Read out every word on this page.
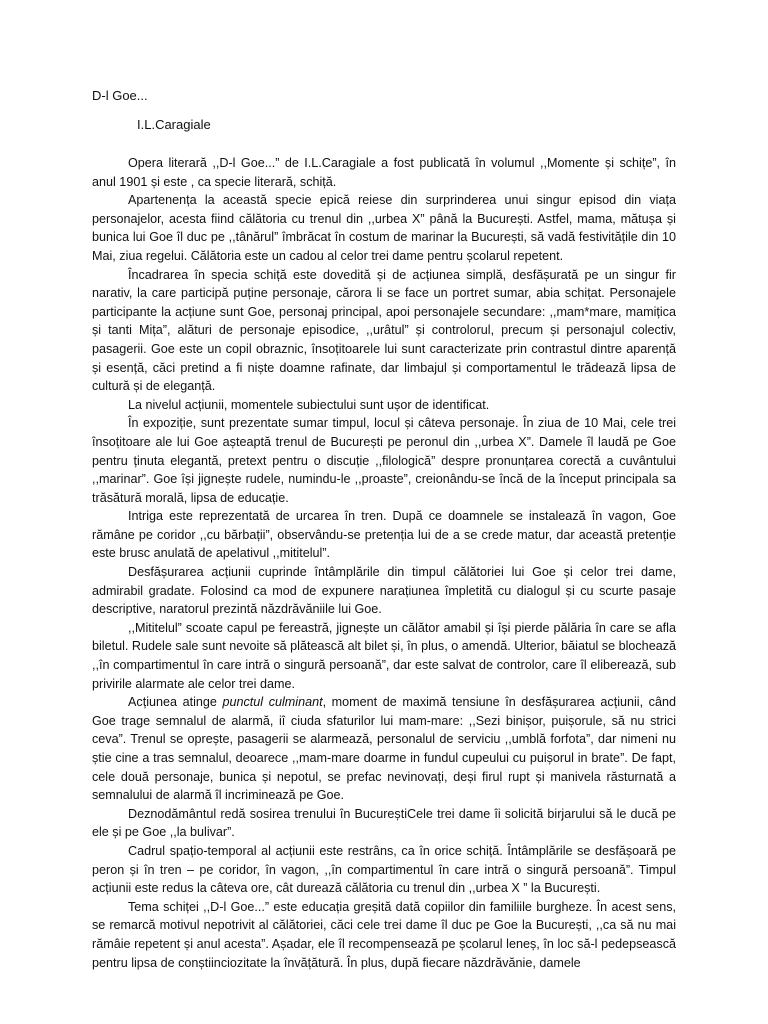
D-l Goe...
I.L.Caragiale

Opera literară ,,D-l Goe...” de I.L.Caragiale a fost publicată în volumul ,,Momente și schițe”, în anul 1901 și este , ca specie literară, schiță.

Apartenența la această specie epică reiese din surprinderea unui singur episod din viața personajelor, acesta fiind călătoria cu trenul din ,,urbea X” până la București. Astfel, mama, mătușa și bunica lui Goe îl duc pe ,,tânărul” îmbrăcat în costum de marinar la București, să vadă festivitățile din 10 Mai, ziua regelui. Călătoria este un cadou al celor trei dame pentru școlarul repetent.

Încadrarea în specia schiță este dovedită și de acțiunea simplă, desfășurată pe un singur fir narativ, la care participă puține personaje, cărora li se face un portret sumar, abia schițat. Personajele participante la acțiune sunt Goe, personaj principal, apoi personajele secundare: ,,mam*mare, mamițica și tanti Mița”, alături de personaje episodice, ,,urâtul” și controlorul, precum și personajul colectiv, pasagerii. Goe este un copil obraznic, însoțitoarele lui sunt caracterizate prin contrastul dintre aparență și esență, căci pretind a fi niște doamne rafinate, dar limbajul și comportamentul le trădează lipsa de cultură și de eleganță.

La nivelul acțiunii, momentele subiectului sunt ușor de identificat.

În expoziție, sunt prezentate sumar timpul, locul și câteva personaje. În ziua de 10 Mai, cele trei însoțitoare ale lui Goe așteaptă trenul de București pe peronul din ,,urbea X”. Damele îl laudă pe Goe pentru ținuta elegantă, pretext pentru o discuție ,,filologică” despre pronunțarea corectă a cuvântului ,,marinar”. Goe își jignește rudele, numindu-le ,,proaste”, creionându-se încă de la început principala sa trăsătură morală, lipsa de educație.

Intriga este reprezentată de urcarea în tren. După ce doamnele se instalează în vagon, Goe rămâne pe coridor ,,cu bărbații”, observându-se pretenția lui de a se crede matur, dar această pretenție este brusc anulată de apelativul ,,mititelul”.

Desfășurarea acțiunii cuprinde întâmplările din timpul călătoriei lui Goe și celor trei dame, admirabil gradate. Folosind ca mod de expunere narațiunea împletită cu dialogul și cu scurte pasaje descriptive, naratorul prezintă năzdrăvăniile lui Goe.

,,Mititelul” scoate capul pe fereastră, jignește un călător amabil și își pierde pălăria în care se afla biletul. Rudele sale sunt nevoite să plătească alt bilet și, în plus, o amendă. Ulterior, băiatul se blochează ,,în compartimentul în care intră o singură persoană”, dar este salvat de controlor, care îl eliberează, sub privirile alarmate ale celor trei dame.

Acțiunea atinge punctul culminant, moment de maximă tensiune în desfășurarea acțiunii, când Goe trage semnalul de alarmă, iî ciuda sfaturilor lui mam-mare: ,,Sezi binișor, puișorule, să nu strici ceva”. Trenul se oprește, pasagerii se alarmează, personalul de serviciu ,,umblă forfota”, dar nimeni nu știe cine a tras semnalul, deoarece ,,mam-mare doarme in fundul cupeului cu puișorul in brate”. De fapt, cele două personaje, bunica și nepotul, se prefac nevinovați, deși firul rupt și manivela răsturnată a semnalului de alarmă îl incriminează pe Goe.

Deznodământul redă sosirea trenului în BucureștiCele trei dame îi solicită birjarului să le ducă pe ele și pe Goe ,,la bulivar”.

Cadrul spațio-temporal al acțiunii este restrâns, ca în orice schiță. Întâmplările se desfășoară pe peron și în tren – pe coridor, în vagon, ,,în compartimentul în care intră o singură persoană”. Timpul acțiunii este redus la câteva ore, cât durează călătoria cu trenul din ,,urbea X ” la București.

Tema schiței ,,D-l Goe...” este educația greșită dată copiilor din familiile burgheze. În acest sens, se remarcă motivul nepotrivit al călătoriei, căci cele trei dame îl duc pe Goe la București, ,,ca să nu mai rămâie repetent și anul acesta”. Așadar, ele îl recompensează pe școlarul leneș, în loc să-l pedepsească pentru lipsa de conștiinciozitate la învățătură. În plus, după fiecare năzdrăvănie, damele
